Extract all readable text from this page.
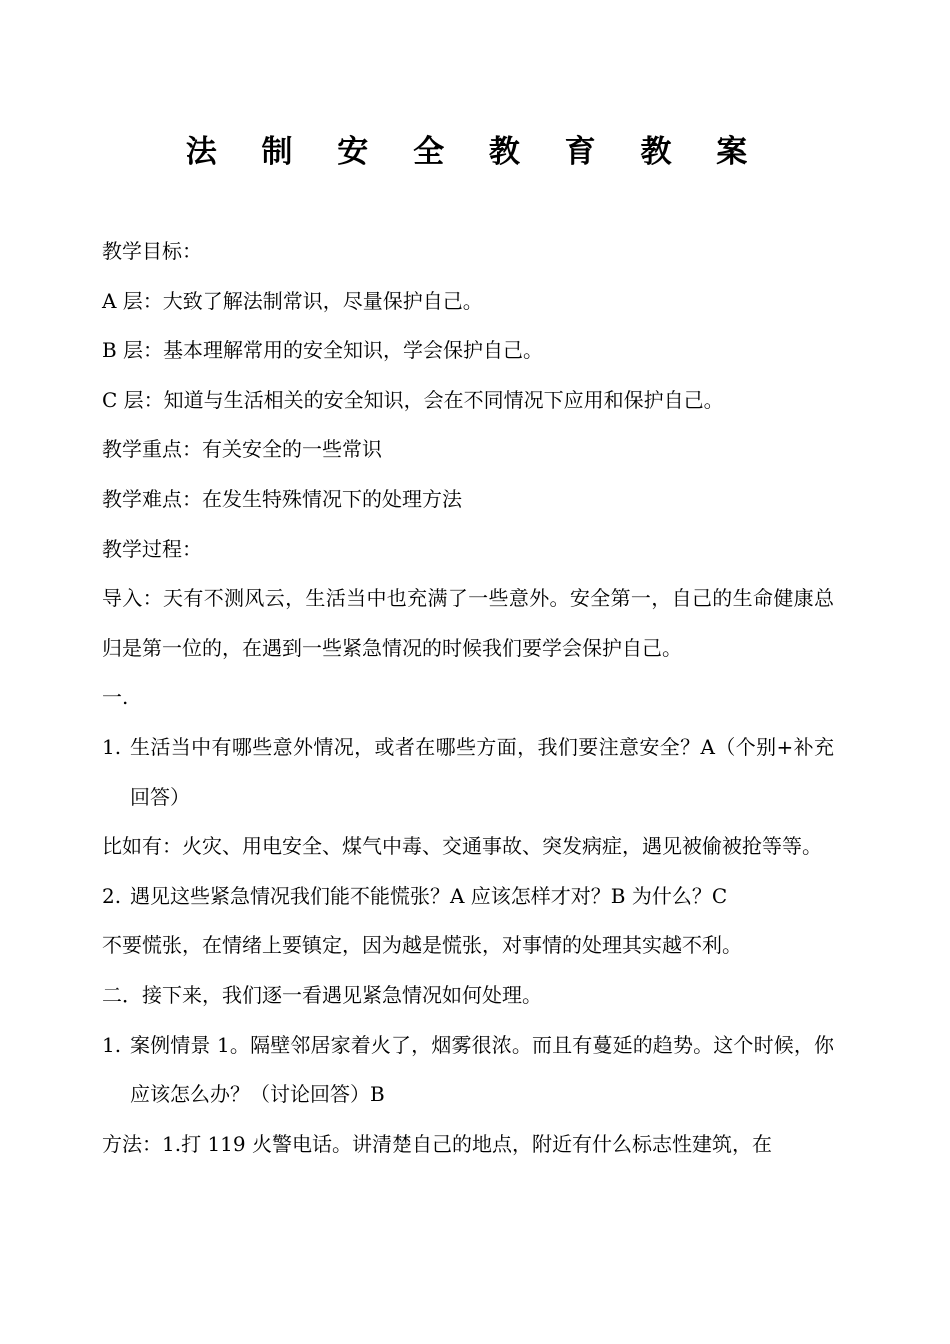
法 制 安 全 教 育 教 案

教学目标：

A 层：大致了解法制常识，尽量保护自己。

B 层：基本理解常用的安全知识，学会保护自己。

C 层：知道与生活相关的安全知识，会在不同情况下应用和保护自己。

教学重点：有关安全的一些常识

教学难点：在发生特殊情况下的处理方法

教学过程：

导入：天有不测风云，生活当中也充满了一些意外。安全第一，自己的生命健康总归是第一位的，在遇到一些紧急情况的时候我们要学会保护自己。

一.

1. 生活当中有哪些意外情况，或者在哪些方面，我们要注意安全？A（个别+补充回答）

比如有：火灾、用电安全、煤气中毒、交通事故、突发病症，遇见被偷被抢等等。

2. 遇见这些紧急情况我们能不能慌张？A 应该怎样才对？B 为什么？C

不要慌张，在情绪上要镇定，因为越是慌张，对事情的处理其实越不利。

二．接下来，我们逐一看遇见紧急情况如何处理。

1. 案例情景 1。隔壁邻居家着火了，烟雾很浓。而且有蔓延的趋势。这个时候，你应该怎么办？（讨论回答）B

方法：1.打 119 火警电话。讲清楚自己的地点，附近有什么标志性建筑，在
